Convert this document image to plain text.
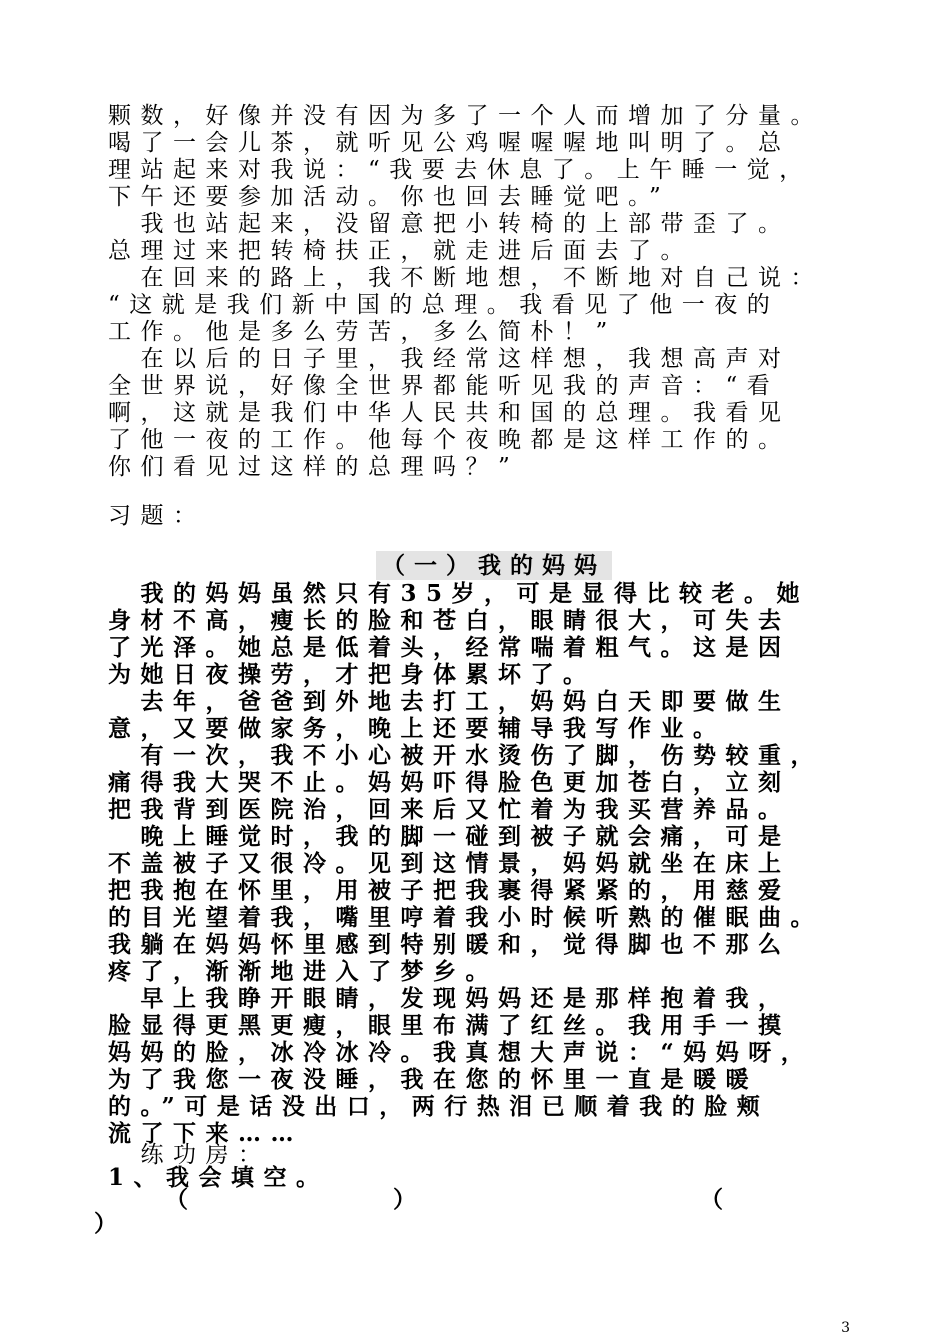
颗数，好像并没有因为多了一个人而增加了分量。
喝了一会儿茶，就听见公鸡喔喔喔地叫明了。总
理站起来对我说：“我要去休息了。上午睡一觉，
下午还要参加活动。你也回去睡觉吧。”
　我也站起来，没留意把小转椅的上部带歪了。
总理过来把转椅扶正，就走进后面去了。
　在回来的路上，我不断地想，不断地对自己说：
“这就是我们新中国的总理。我看见了他一夜的
工作。他是多么劳苦，多么简朴！”
　在以后的日子里，我经常这样想，我想高声对
全世界说，好像全世界都能听见我的声音：“看
啊，这就是我们中华人民共和国的总理。我看见
了他一夜的工作。他每个夜晚都是这样工作的。
你们看见过这样的总理吗？”
习题：
（一）我的妈妈
　我的妈妈虽然只有35岁，可是显得比较老。她
身材不高，瘦长的脸和苍白，眼睛很大，可失去
了光泽。她总是低着头，经常喘着粗气。这是因
为她日夜操劳，才把身体累坏了。
　去年，爸爸到外地去打工，妈妈白天即要做生
意，又要做家务，晚上还要辅导我写作业。
　有一次，我不小心被开水烫伤了脚，伤势较重，
痛得我大哭不止。妈妈吓得脸色更加苍白，立刻
把我背到医院治，回来后又忙着为我买营养品。
　晚上睡觉时，我的脚一碰到被子就会痛，可是
不盖被子又很冷。见到这情景，妈妈就坐在床上
把我抱在怀里，用被子把我裹得紧紧的，用慈爱
的目光望着我，嘴里哼着我小时候听熟的催眠曲。
我躺在妈妈怀里感到特别暖和，觉得脚也不那么
疼了，渐渐地进入了梦乡。
　早上我睁开眼睛，发现妈妈还是那样抱着我，
脸显得更黑更瘦，眼里布满了红丝。我用手一摸
妈妈的脸，冰冷冰冷。我真想大声说：“妈妈呀，
为了我您一夜没睡，我在您的怀里一直是暖暖
的。”可是话没出口，两行热泪已顺着我的脸颊
流了下来……
　练功房：
1、我会填空。
（	）	（
）
3
